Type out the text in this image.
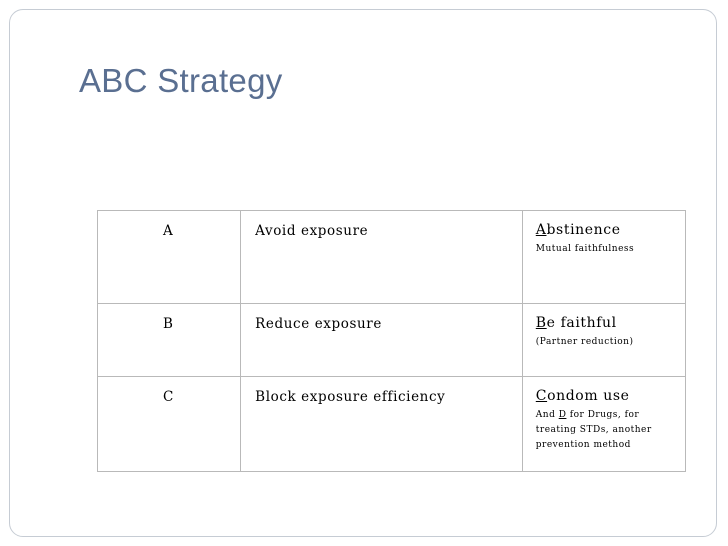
ABC Strategy
A	Avoid exposure	Abstinence
Mutual faithfulness

B	Reduce exposure	Be faithful
(Partner reduction)

C	Block exposure efficiency	Condom use
And D for Drugs, for treating STDs, another prevention method
